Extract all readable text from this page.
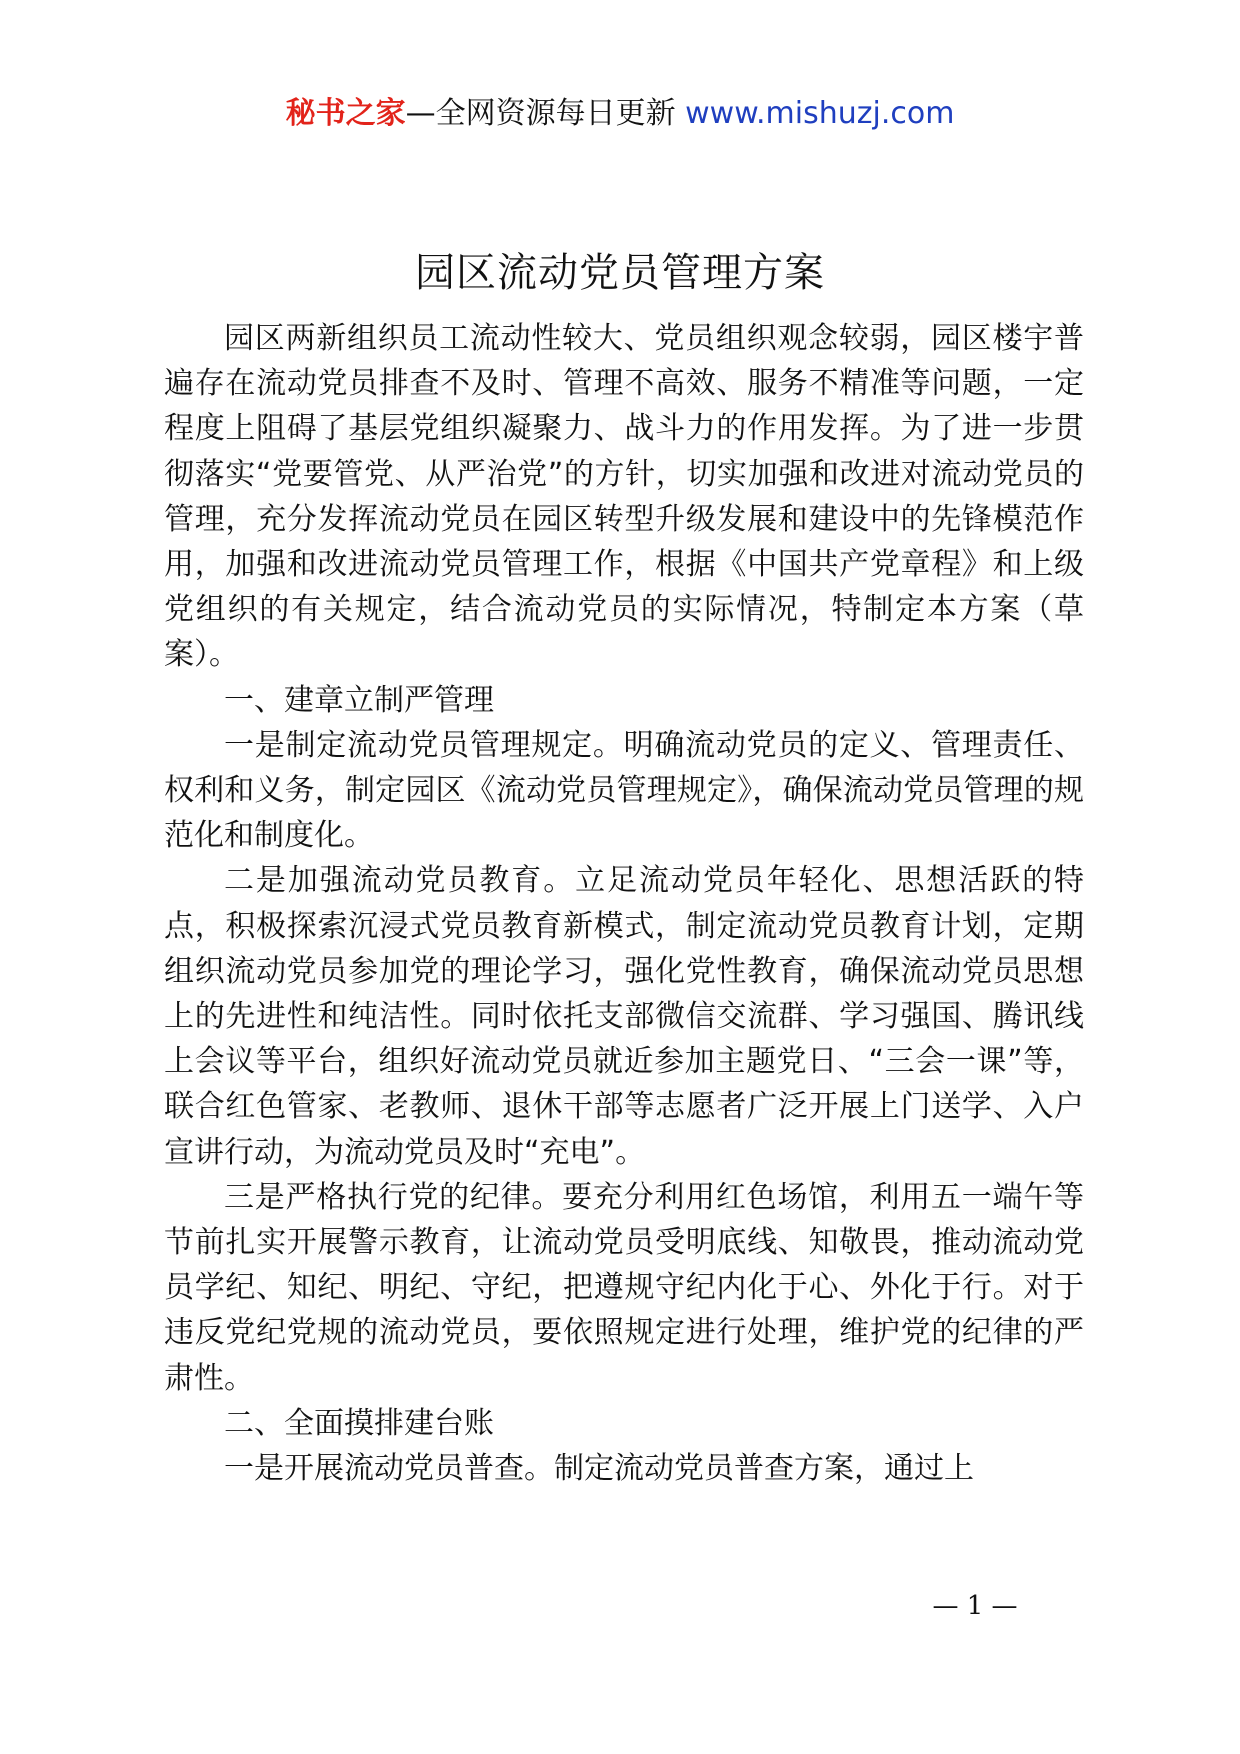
秘书之家—全网资源每日更新 www.mishuzj.com
园区流动党员管理方案

园区两新组织员工流动性较大、党员组织观念较弱，园区楼宇普遍存在流动党员排查不及时、管理不高效、服务不精准等问题，一定程度上阻碍了基层党组织凝聚力、战斗力的作用发挥。为了进一步贯彻落实“党要管党、从严治党”的方针，切实加强和改进对流动党员的管理，充分发挥流动党员在园区转型升级发展和建设中的先锋模范作用，加强和改进流动党员管理工作，根据《中国共产党章程》和上级党组织的有关规定，结合流动党员的实际情况，特制定本方案（草案）。

一、建章立制严管理

一是制定流动党员管理规定。明确流动党员的定义、管理责任、权利和义务，制定园区《流动党员管理规定》，确保流动党员管理的规范化和制度化。

二是加强流动党员教育。立足流动党员年轻化、思想活跃的特点，积极探索沉浸式党员教育新模式，制定流动党员教育计划，定期组织流动党员参加党的理论学习，强化党性教育，确保流动党员思想上的先进性和纯洁性。同时依托支部微信交流群、学习强国、腾讯线上会议等平台，组织好流动党员就近参加主题党日、“三会一课”等，联合红色管家、老教师、退休干部等志愿者广泛开展上门送学、入户宣讲行动，为流动党员及时“充电”。

三是严格执行党的纪律。要充分利用红色场馆，利用五一端午等节前扎实开展警示教育，让流动党员受明底线、知敬畏，推动流动党员学纪、知纪、明纪、守纪，把遵规守纪内化于心、外化于行。对于违反党纪党规的流动党员，要依照规定进行处理，维护党的纪律的严肃性。

二、全面摸排建台账

一是开展流动党员普查。制定流动党员普查方案，通过上

— 1 —
